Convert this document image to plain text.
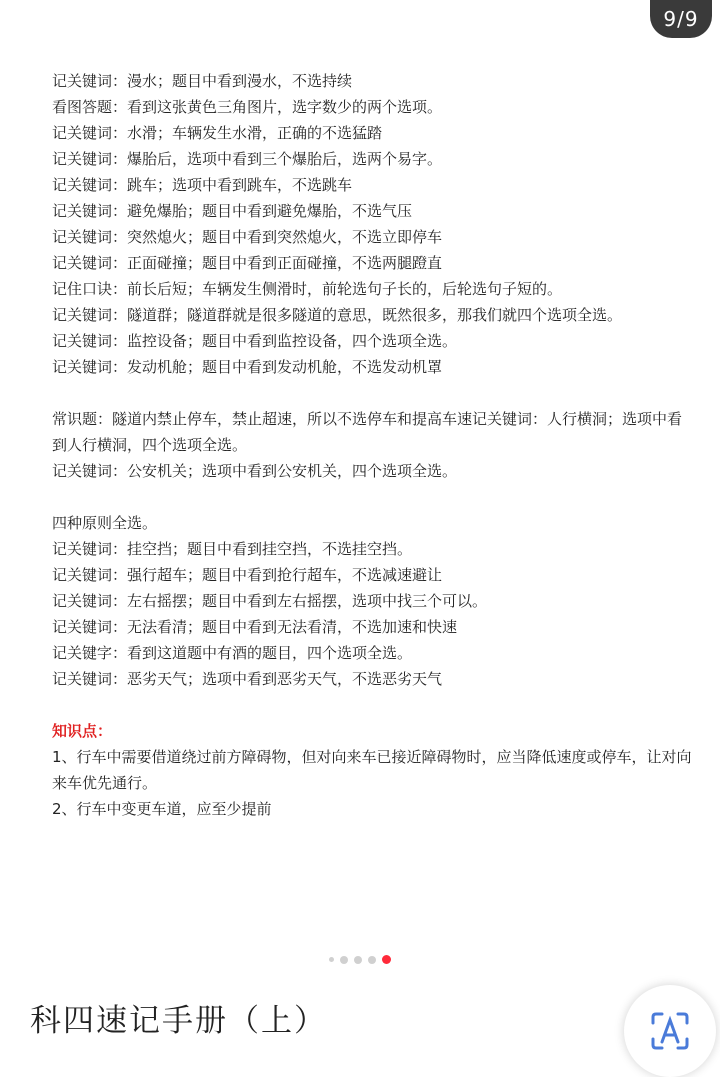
9/9
记关键词：漫水；题目中看到漫水，不选持续
看图答题：看到这张黄色三角图片，选字数少的两个选项。
记关键词：水滑；车辆发生水滑，正确的不选猛踏
记关键词：爆胎后，选项中看到三个爆胎后，选两个易字。
记关键词：跳车；选项中看到跳车，不选跳车
记关键词：避免爆胎；题目中看到避免爆胎，不选气压
记关键词：突然熄火；题目中看到突然熄火，不选立即停车
记关键词：正面碰撞；题目中看到正面碰撞，不选两腿蹬直
记住口诀：前长后短；车辆发生侧滑时，前轮选句子长的，后轮选句子短的。
记关键词：隧道群；隧道群就是很多隧道的意思，既然很多，那我们就四个选项全选。
记关键词：监控设备；题目中看到监控设备，四个选项全选。
记关键词：发动机舱；题目中看到发动机舱，不选发动机罩
常识题：隧道内禁止停车，禁止超速，所以不选停车和提高车速记关键词：人行横洞；选项中看到人行横洞，四个选项全选。
记关键词：公安机关；选项中看到公安机关，四个选项全选。
四种原则全选。
记关键词：挂空挡；题目中看到挂空挡，不选挂空挡。
记关键词：强行超车；题目中看到抢行超车，不选减速避让
记关键词：左右摇摆；题目中看到左右摇摆，选项中找三个可以。
记关键词：无法看清；题目中看到无法看清，不选加速和快速
记关键字：看到这道题中有酒的题目，四个选项全选。
记关键词：恶劣天气；选项中看到恶劣天气，不选恶劣天气
知识点：
1、行车中需要借道绕过前方障碍物，但对向来车已接近障碍物时，应当降低速度或停车，让对向来车优先通行。
2、行车中变更车道，应至少提前
科四速记手册（上）
